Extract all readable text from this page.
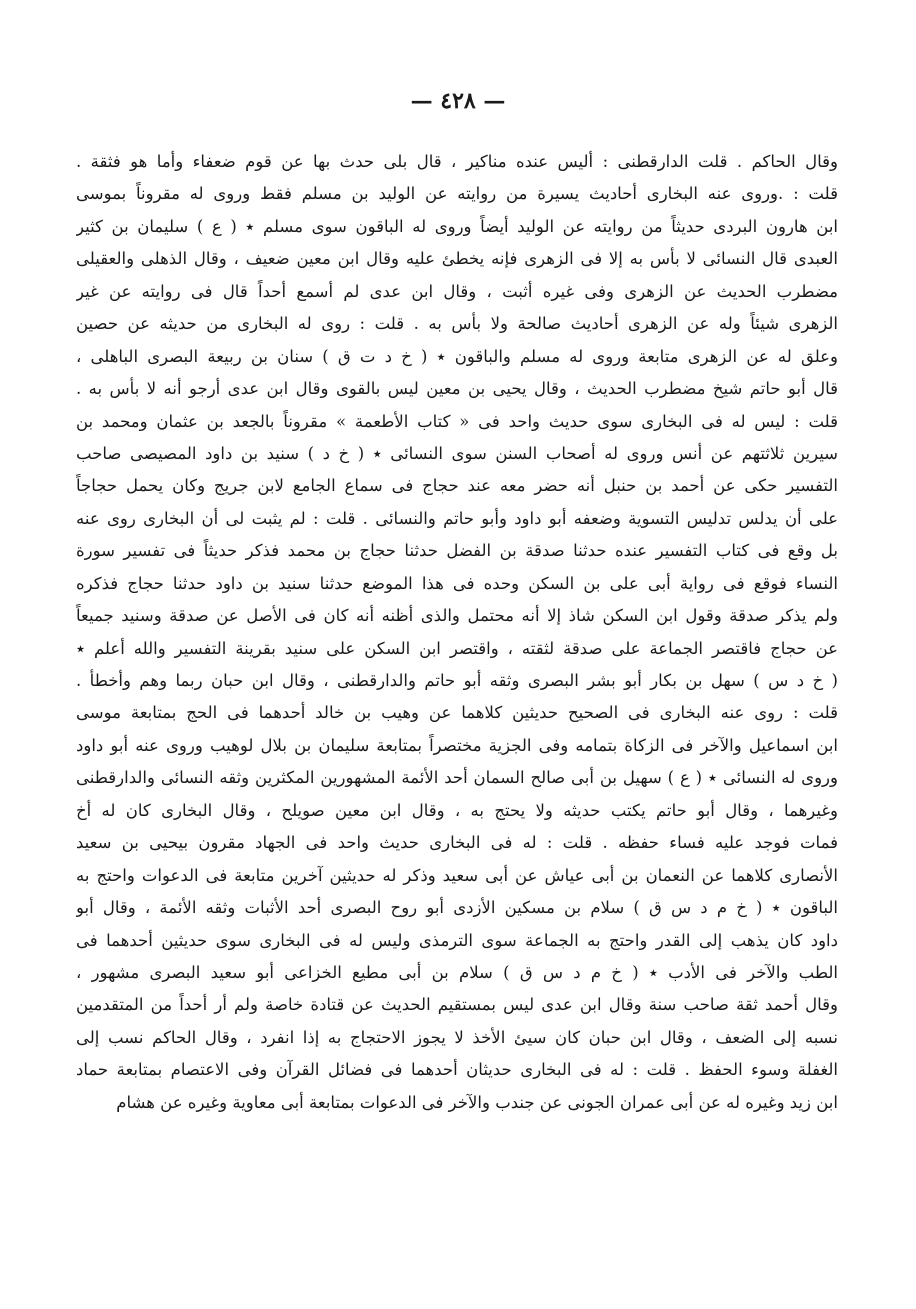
— ٤٢٨ —
وقال الحاكم . قلت الدارقطنى : أليس عنده مناكير ، قال بلى حدث بها عن قوم ضعفاء وأما هو فثقة .
قلت : .وروى عنه البخارى أحاديث يسيرة من روايته عن الوليد بن مسلم فقط وروى له مقروناً بموسى
ابن هارون البردى حديثاً من روايته عن الوليد أيضاً وروى له الباقون سوى مسلم ٭ ( ع ) سليمان بن كثير
العبدى قال النسائى لا بأس به إلا فى الزهرى فإنه يخطئ عليه وقال ابن معين ضعيف ، وقال الذهلى والعقيلى
مضطرب الحديث عن الزهرى وفى غيره أثبت ، وقال ابن عدى لم أسمع أحداً قال فى روايته عن غير
الزهرى شيئاً وله عن الزهرى أحاديث صالحة ولا بأس به . قلت : روى له البخارى من حديثه عن حصين
وعلق له عن الزهرى متابعة وروى له مسلم والباقون ٭ ( خ د ت ق ) سنان بن ربيعة البصرى الباهلى ،
قال أبو حاتم شيخ مضطرب الحديث ، وقال يحيى بن معين ليس بالقوى وقال ابن عدى أرجو أنه لا بأس به .
قلت : ليس له فى البخارى سوى حديث واحد فى « كتاب الأطعمة » مقروناً بالجعد بن عثمان ومحمد بن
سيرين ثلاثتهم عن أنس وروى له أصحاب السنن سوى النسائى ٭ ( خ د ) سنيد بن داود المصيصى صاحب
التفسير حكى عن أحمد بن حنبل أنه حضر معه عند حجاج فى سماع الجامع لابن جريج وكان يحمل حجاجاً
على أن يدلس تدليس التسوية وضعفه أبو داود وأبو حاتم والنسائى . قلت : لم يثبت لى أن البخارى روى عنه
بل وقع فى كتاب التفسير عنده حدثنا صدقة بن الفضل حدثنا حجاج بن محمد فذكر حديثاً فى تفسير سورة
النساء فوقع فى رواية أبى على بن السكن وحده فى هذا الموضع حدثنا سنيد بن داود حدثنا حجاج فذكره
ولم يذكر صدقة وقول ابن السكن شاذ إلا أنه محتمل والذى أظنه أنه كان فى الأصل عن صدقة وسنيد جميعاً
عن حجاج فاقتصر الجماعة على صدقة لثقته ، واقتصر ابن السكن على سنيد بقرينة التفسير والله أعلم ٭
( خ د س ) سهل بن بكار أبو بشر البصرى وثقه أبو حاتم والدارقطنى ، وقال ابن حبان ربما وهم وأخطأ .
قلت : روى عنه البخارى فى الصحيح حديثين كلاهما عن وهيب بن خالد أحدهما فى الحج بمتابعة موسى
ابن اسماعيل والآخر فى الزكاة بتمامه وفى الجزية مختصراً بمتابعة سليمان بن بلال لوهيب وروى عنه أبو داود
وروى له النسائى ٭ ( ع ) سهيل بن أبى صالح السمان أحد الأئمة المشهورين المكثرين وثقه النسائى والدارقطنى
وغيرهما ، وقال أبو حاتم يكتب حديثه ولا يحتج به ، وقال ابن معين صويلح ، وقال البخارى كان له أخ
فمات فوجد عليه فساء حفظه . قلت : له فى البخارى حديث واحد فى الجهاد مقرون بيحيى بن سعيد
الأنصارى كلاهما عن النعمان بن أبى عياش عن أبى سعيد وذكر له حديثين آخرين متابعة فى الدعوات واحتج به
الباقون ٭ ( خ م د س ق ) سلام بن مسكين الأزدى أبو روح البصرى أحد الأثبات وثقه الأئمة ، وقال أبو
داود كان يذهب إلى القدر واحتج به الجماعة سوى الترمذى وليس له فى البخارى سوى حديثين أحدهما فى
الطب والآخر فى الأدب ٭ ( خ م د س ق ) سلام بن أبى مطيع الخزاعى أبو سعيد البصرى مشهور ،
وقال أحمد ثقة صاحب سنة وقال ابن عدى ليس بمستقيم الحديث عن قتادة خاصة ولم أر أحداً من المتقدمين
نسبه إلى الضعف ، وقال ابن حبان كان سيئ الأخذ لا يجوز الاحتجاج به إذا انفرد ، وقال الحاكم نسب إلى
الغفلة وسوء الحفظ . قلت : له فى البخارى حديثان أحدهما فى فضائل القرآن وفى الاعتصام بمتابعة حماد
ابن زيد وغيره له عن أبى عمران الجونى عن جندب والآخر فى الدعوات بمتابعة أبى معاوية وغيره عن هشام
